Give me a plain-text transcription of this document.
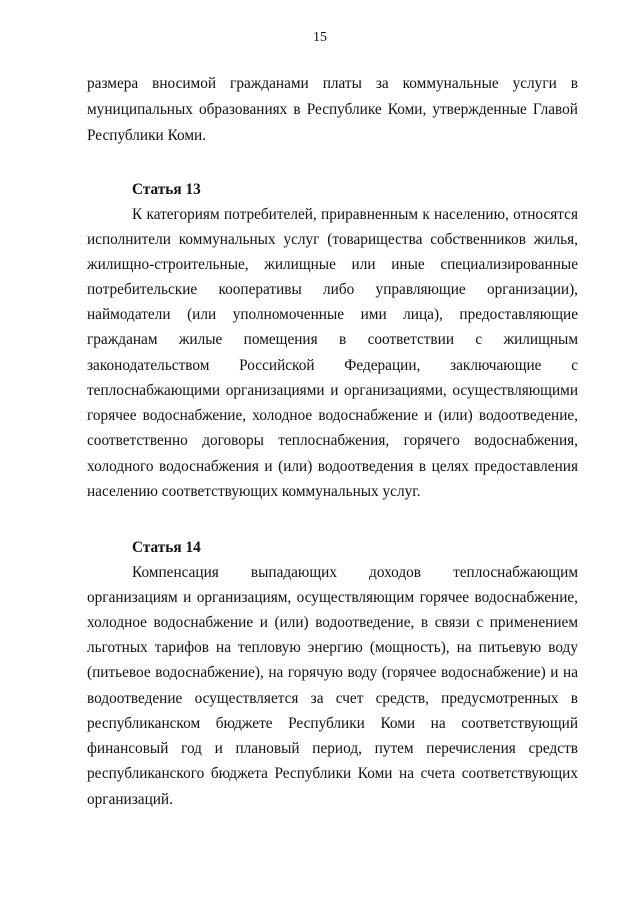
15

размера вносимой гражданами платы за коммунальные услуги в

муниципальных образованиях в Республике Коми, утвержденные Главой

Республики Коми.

Статья 13

К категориям потребителей, приравненным к населению, относятся

исполнители коммунальных услуг (товарищества собственников жилья,

жилищно-строительные, жилищные или иные специализированные

потребительские кооперативы либо управляющие организации),

наймодатели (или уполномоченные ими лица), предоставляющие

гражданам жилые помещения в соответствии с жилищным

законодательством Российской Федерации, заключающие с

теплоснабжающими организациями и организациями, осуществляющими

горячее водоснабжение, холодное водоснабжение и (или) водоотведение,

соответственно договоры теплоснабжения, горячего водоснабжения,

холодного водоснабжения и (или) водоотведения в целях предоставления

населению соответствующих коммунальных услуг.

Статья 14

Компенсация выпадающих доходов теплоснабжающим

организациям и организациям, осуществляющим горячее водоснабжение,

холодное водоснабжение и (или) водоотведение, в связи с применением

льготных тарифов на тепловую энергию (мощность), на питьевую воду

(питьевое водоснабжение), на горячую воду (горячее водоснабжение) и на

водоотведение осуществляется за счет средств, предусмотренных в

республиканском бюджете Республики Коми на соответствующий

финансовый год и плановый период, путем перечисления средств

республиканского бюджета Республики Коми на счета соответствующих

организаций.
